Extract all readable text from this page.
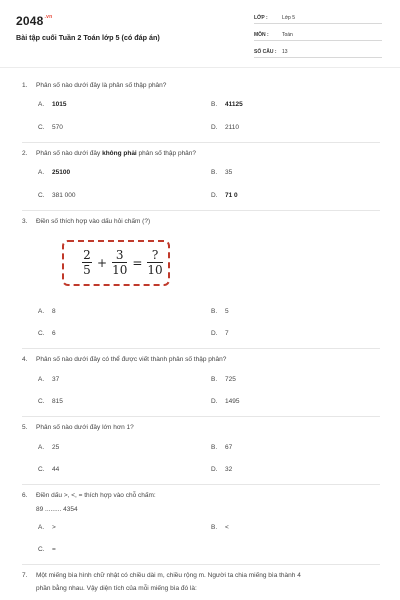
$2048^{.vn}$
Bài tập cuối Tuần 2 Toán lớp 5 (có đáp án)
LỚP :	Lớp 5
MÔN :	Toán
SỐ CÂU : 13
1. Phân số nào dưới đây là phân số thập phân?
A. 1015	B. 41125
C. 570	D. 2110
2. Phân số nào dưới đây không phải phân số thập phân?
A. 25100	B. 35
C. 381 000	D. 71 0
3. Điền số thích hợp vào dấu hỏi chấm (?)
$\frac{2}{5} + \frac{3}{10} = \frac{?}{10}$
A. 8	B. 5
C. 6	D. 7
4. Phân số nào dưới đây có thể được viết thành phân số thập phân?
A. 37	B. 725
C. 815	D. 1495
5. Phân số nào dưới đây lớn hơn 1?
A. 25	B. 67
C. 44	D. 32
6. Điền dấu >, <, = thích hợp vào chỗ chấm:
89 ......... 4354
A. >	B. <
C. =
7. Một miếng bìa hình chữ nhật có chiều dài m, chiều rộng m. Người ta chia miếng bìa thành 4
phần bằng nhau. Vậy diện tích của mỗi miếng bìa đó là:
